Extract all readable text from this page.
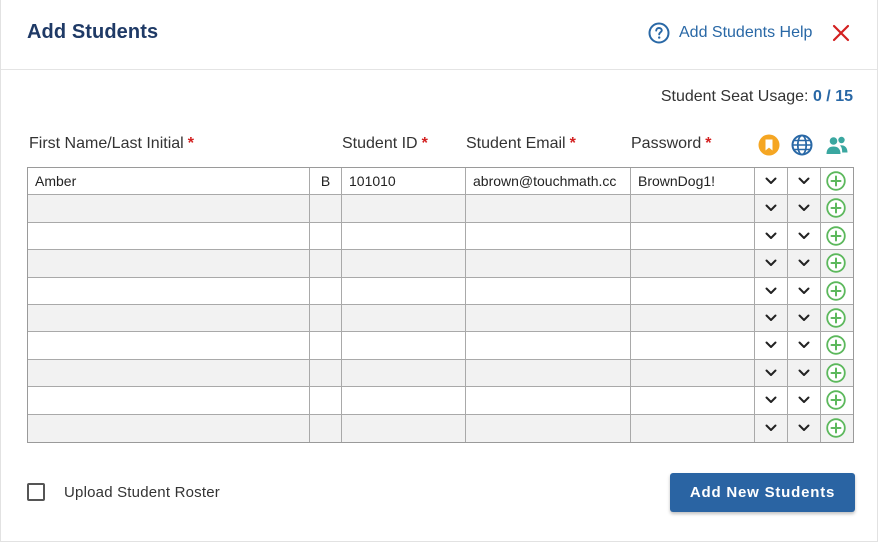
Add Students	Add Students Help
Student Seat Usage: 0 / 15
First Name/Last Initial *	Student ID * Student Email *	Password *
Amber	B	101010	abrown@touchmath.cc	BrownDog1!
Upload Student Roster	Add New Students
